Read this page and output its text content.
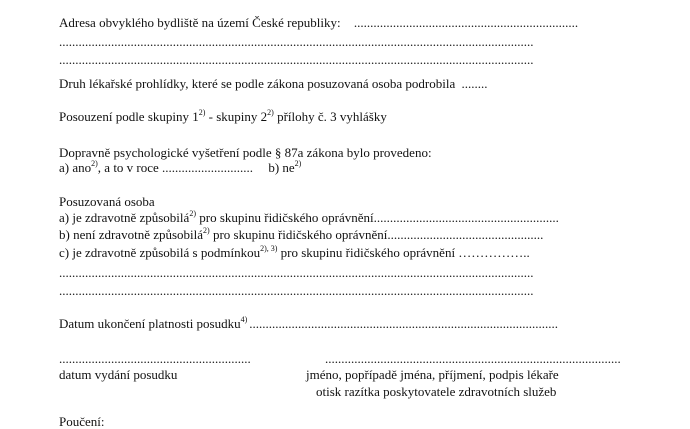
Adresa obvyklého bydliště na území České republiky: .....................................................................
..................................................................................................................................................
..................................................................................................................................................
Druh lékařské prohlídky, které se podle zákona posuzovaná osoba podrobila ........
Posouzení podle skupiny 1$^{2)}$ - skupiny 2$^{2)}$ přílohy č. 3 vyhlášky
Dopravně psychologické vyšetření podle § 87a zákona bylo provedeno:
a) ano$^{2)}$, a to v roce ............................ b) $ne^{2)}$
Posuzovaná osoba
a) je zdravotně způsobilá$^{2)}$ pro skupinu řidičského oprávnění.........................................................
b) není zdravotně způsobilá$^{2)}$ pro skupinu řidičského oprávnění................................................
c) je zdravotně způsobilá s podmínkou$^{2), 3)}$ pro skupinu řidičského oprávnění ……………..
..................................................................................................................................................
..................................................................................................................................................
Datum ukončení platnosti posudku$^{4)}$ ...............................................................................................
...........................................................	...........................................................................................
datum vydání posudku	jméno, popřípadě jména, příjmení, podpis lékaře
otisk razítka poskytovatele zdravotních služeb
Poučení:
